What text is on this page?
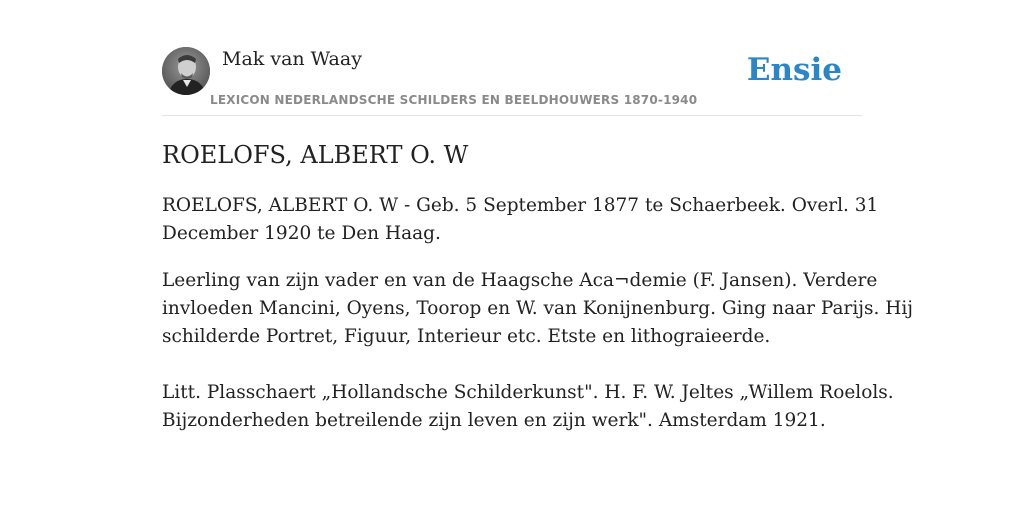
Mak van Waay
LEXICON NEDERLANDSCHE SCHILDERS EN BEELDHOUWERS 1870-1940
Ensie
ROELOFS, ALBERT O. W

ROELOFS, ALBERT O. W - Geb. 5 September 1877 te Schaerbeek. Overl. 31
December 1920 te Den Haag.

Leerling van zijn vader en van de Haagsche Aca¬demie (F. Jansen). Verdere
invloeden Mancini, Oyens, Toorop en W. van Konijnenburg. Ging naar Parijs. Hij
schilderde Portret, Figuur, Interieur etc. Etste en lithograieerde.
Litt. Plasschaert „Hollandsche Schilderkunst". H. F. W. Jeltes „Willem Roelols.
Bijzonderheden betreilende zijn leven en zijn werk". Amsterdam 1921.
